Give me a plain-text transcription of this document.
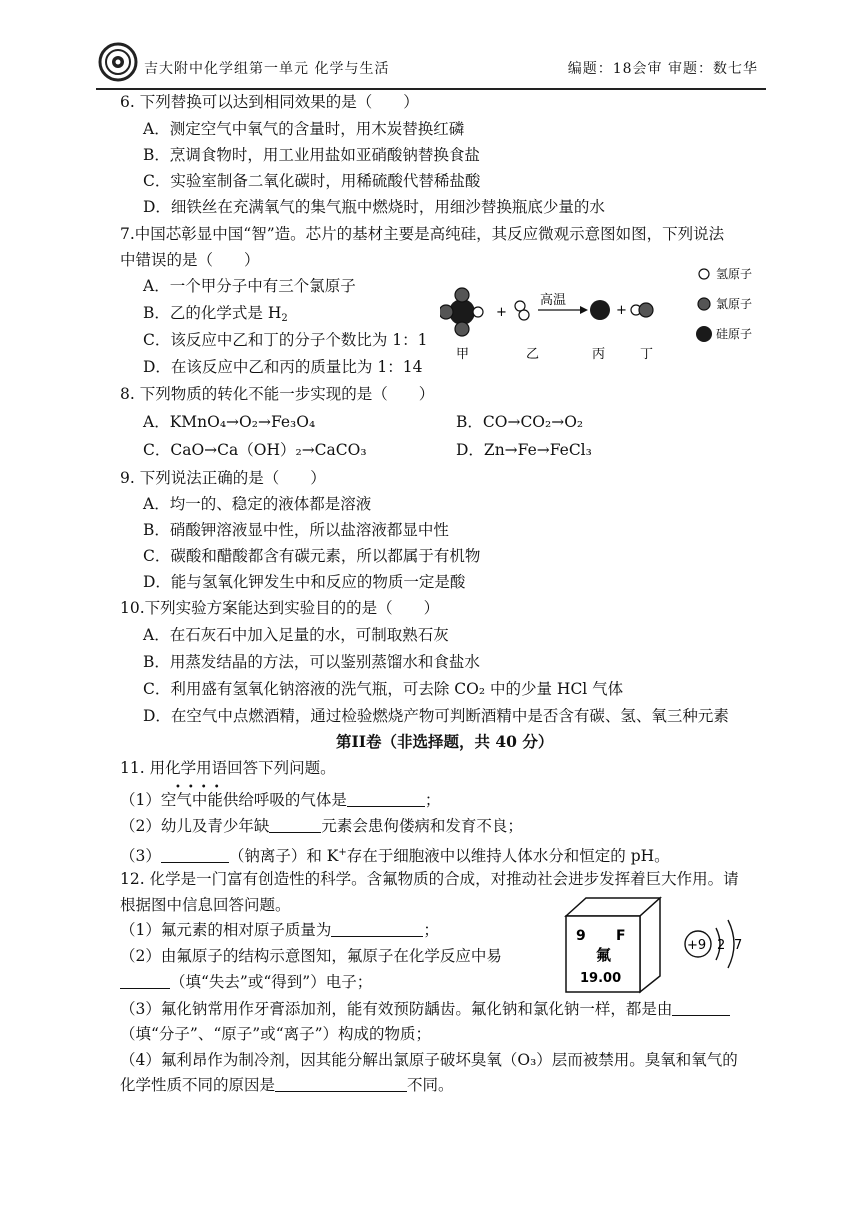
吉大附中化学组第一单元 化学与生活	编题：18会审 审题：数七华
6. 下列替换可以达到相同效果的是（　　）
A．测定空气中氧气的含量时，用木炭替换红磷
B．烹调食物时，用工业用盐如亚硝酸钠替换食盐
C．实验室制备二氧化碳时，用稀硫酸代替稀盐酸
D．细铁丝在充满氧气的集气瓶中燃烧时，用细沙替换瓶底少量的水
7.中国芯彰显中国“智”造。芯片的基材主要是高纯硅，其反应微观示意图如图，下列说法
中错误的是（　　）
A．一个甲分子中有三个氯原子
B．乙的化学式是 $H_2$
C．该反应中乙和丁的分子个数比为 1：1
D．在该反应中乙和丙的质量比为 1：14
+
高温
+
甲	乙	丙	丁
氢原子
氯原子
硅原子
8. 下列物质的转化不能一步实现的是（　　）
A．KMnO₄→O₂→Fe₃O₄	B．CO→CO₂→O₂
C．CaO→Ca（OH）₂→CaCO₃	D．Zn→Fe→FeCl₃
9. 下列说法正确的是（　　）
A．均一的、稳定的液体都是溶液
B．硝酸钾溶液显中性，所以盐溶液都显中性
C．碳酸和醋酸都含有碳元素，所以都属于有机物
D．能与氢氧化钾发生中和反应的物质一定是酸
10.下列实验方案能达到实验目的的是（　　）
A．在石灰石中加入足量的水，可制取熟石灰
B．用蒸发结晶的方法，可以鉴别蒸馏水和食盐水
C．利用盛有氢氧化钠溶液的洗气瓶，可去除 CO₂ 中的少量 HCl 气体
D．在空气中点燃酒精，通过检验燃烧产物可判断酒精中是否含有碳、氢、氧三种元素
第II卷（非选择题，共 40 分）
11. 用化学用语回答下列问题。
••••
（1）空气中能供给呼吸的气体是	；
（2）幼儿及青少年缺	元素会患佝偻病和发育不良；
（3）	（钠离子）和 K+存在于细胞液中以维持人体水分和恒定的 pH。
12. 化学是一门富有创造性的科学。含氟物质的合成，对推动社会进步发挥着巨大作用。请
根据图中信息回答问题。
（1）氟元素的相对原子质量为	；
（2）由氟原子的结构示意图知，氟原子在化学反应中易
（填“失去”或“得到”）电子；
（3）氟化钠常用作牙膏添加剂，能有效预防龋齿。氟化钠和氯化钠一样，都是由
（填“分子”、“原子”或“离子”）构成的物质；
（4）氟利昂作为制冷剂，因其能分解出氯原子破坏臭氧（O₃）层而被禁用。臭氧和氧气的
化学性质不同的原因是	不同。
9 F
氟
19.00
+9 2 7
